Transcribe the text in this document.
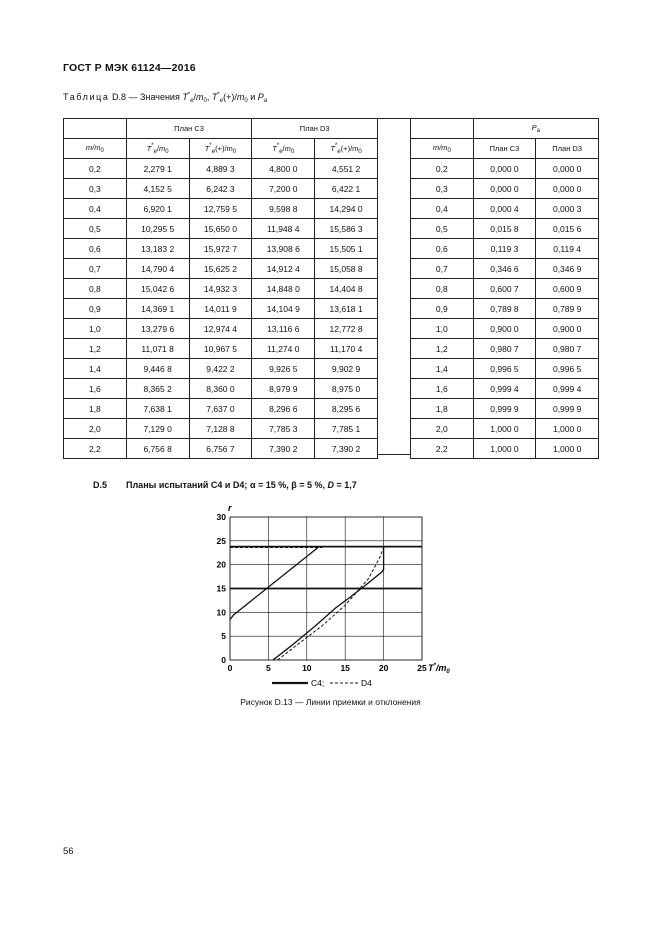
ГОСТ Р МЭК 61124—2016
Таблица D.8 — Значения $T^*_e/m_0$, $T^*_e(+)/m_0$ и $P_a$
	План С3		План D3	
$m/m_0$	$T^*_e/m_0$	$T^*_e(+)/m_0$	$T^*_e/m_0$	$T^*_e(+)/m_0$
0,2	2,279 1	4,889 3	4,800 0	4,551 2
0,3	4,152 5	6,242 3	7,200 0	6,422 1
0,4	6,920 1	12,759 5	9,598 8	14,294 0
0,5	10,295 5	15,650 0	11,948 4	15,586 3
0,6	13,183 2	15,972 7	13,908 6	15,505 1
0,7	14,790 4	15,625 2	14,912 4	15,058 8
0,8	15,042 6	14,932 3	14,848 0	14,404 8
0,9	14,369 1	14,011 9	14,104 9	13,618 1
1,0	13,279 6	12,974 4	13,116 6	12,772 8
1,2	11,071 8	10,967 5	11,274 0	11,170 4
1,4	9,446 8	9,422 2	9,926 5	9,902 9
1,6	8,365 2	8,360 0	8,979 9	8,975 0
1,8	7,638 1	7,637 0	8,296 6	8,295 6
2,0	7,129 0	7,128 8	7,785 3	7,785 1
2,2	6,756 8	6,756 7	7,390 2	7,390 2
	$P_a$
$m/m_0$	План С3	План D3
0,2	0,000 0	0,000 0
0,3	0,000 0	0,000 0
0,4	0,000 4	0,000 3
0,5	0,015 8	0,015 6
0,6	0,119 3	0,119 4
0,7	0,346 6	0,346 9
0,8	0,600 7	0,600 9
0,9	0,789 8	0,789 9
1,0	0,900 0	0,900 0
1,2	0,980 7	0,980 7
1,4	0,996 5	0,996 5
1,6	0,999 4	0,999 4
1,8	0,999 9	0,999 9
2,0	1,000 0	1,000 0
2,2	1,000 0	1,000 0
D.5 Планы испытаний С4 и D4; α = 15 %, β = 5 %, D = 1,7
0	5	10	15	20	25
0
5
10
15
20
25
30
r
$T^*/m_0$
С4;	D4
Рисунок D.13 — Линии приемки и отклонения
56
